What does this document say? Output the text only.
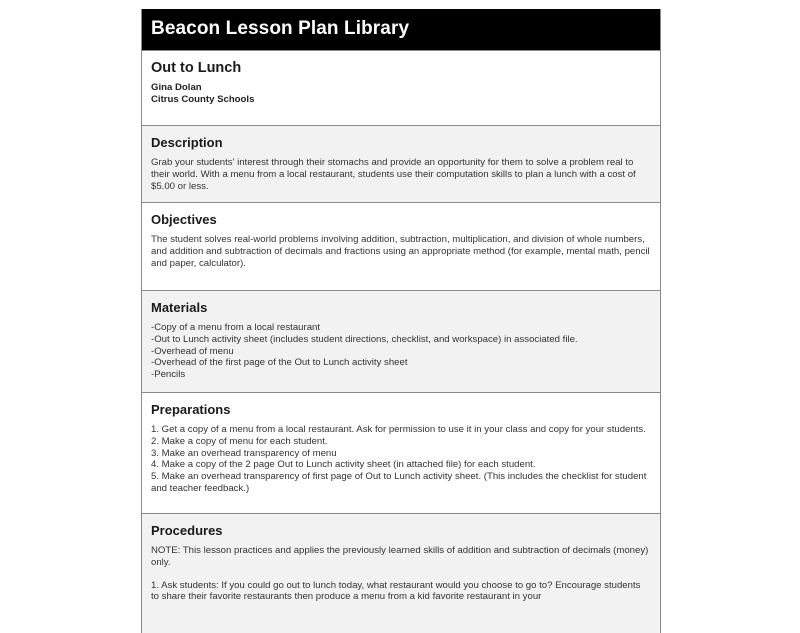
Beacon Lesson Plan Library
Out to Lunch
Gina Dolan
Citrus County Schools
Description

Grab your students' interest through their stomachs and provide an opportunity for them to solve a problem real to their world. With a menu from a local restaurant, students use their computation skills to plan a lunch with a cost of $5.00 or less.

Objectives

The student solves real-world problems involving addition, subtraction, multiplication, and division of whole numbers, and addition and subtraction of decimals and fractions using an appropriate method (for example, mental math, pencil and paper, calculator).

Materials
-Copy of a menu from a local restaurant
-Out to Lunch activity sheet (includes student directions, checklist, and workspace) in associated file.
-Overhead of menu
-Overhead of the first page of the Out to Lunch activity sheet
-Pencils
Preparations
1. Get a copy of a menu from a local restaurant. Ask for permission to use it in your class and copy for your students.
2. Make a copy of menu for each student.
3. Make an overhead transparency of menu
4. Make a copy of the 2 page Out to Lunch activity sheet (in attached file) for each student.
5. Make an overhead transparency of first page of Out to Lunch activity sheet. (This includes the checklist for student and teacher feedback.)
Procedures

NOTE: This lesson practices and applies the previously learned skills of addition and subtraction of decimals (money) only.

1. Ask students: If you could go out to lunch today, what restaurant would you choose to go to? Encourage students to share their favorite restaurants then produce a menu from a kid favorite restaurant in your
